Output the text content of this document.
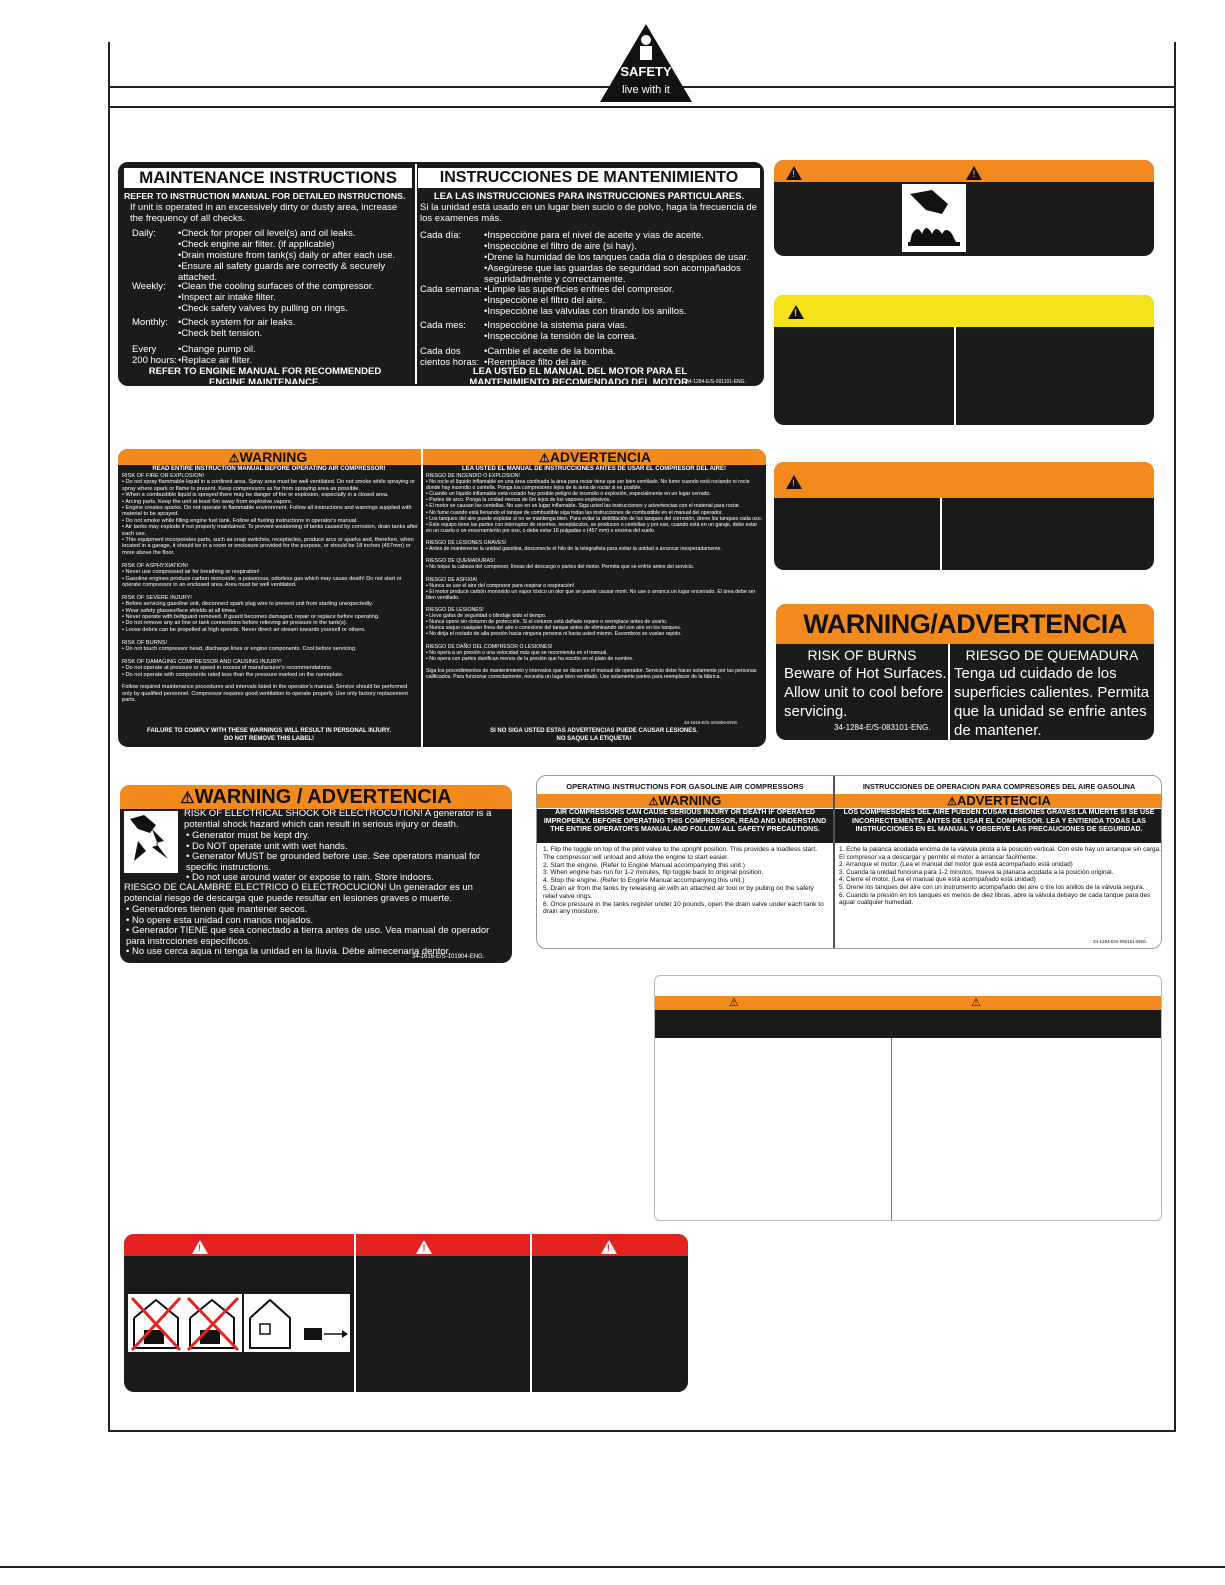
SAFETY
live with it
MAINTENANCE INSTRUCTIONS	INSTRUCCIONES DE MANTENIMIENTO
REFER TO INSTRUCTION MANUAL FOR DETAILED INSTRUCTIONS.
If unit is operated in an excessively dirty or dusty area, increase the frequency of all checks.
Daily:	•Check for proper oil level(s) and oil leaks.
•Check engine air filter. (if applicable)
•Drain moisture from tank(s) daily or after each use.
•Ensure all safety guards are correctly & securely attached.
Weekly:	•Clean the cooling surfaces of the compressor.
•Inspect air intake filter.
•Check safety valves by pulling on rings.
Monthly:	•Check system for air leaks.
•Check belt tension.
Every
200 hours:
•Change pump oil.
•Replace air filter.
REFER TO ENGINE MANUAL FOR RECOMMENDED ENGINE MAINTENANCE.
LEA LAS INSTRUCCIONES PARA INSTRUCCIONES PARTICULARES.
Si la unidad está usado en un lugar bien sucio o de polvo, haga la frecuencia de los examenes más.
Cada día:	•Inspecciòne para el nivel de aceite y vias de aceite.
•Inspecciòne el filtro de aire (si hay).
•Drene la humidad de los tanques cada día o despùes de usar.
•Asegùrese que las guardas de seguridad son acompañados seguridadmente y correctamente.
Cada semana: •Limpie las superficies enfries del compresor.
•Inspecciòne el filtro del aire.
•Inspecciòne las vàlvulas con tirando los anillos.
Cada mes:	•Inspecciòne la sistema para vias.
•Inspecciòne la tensión de la correa.
Cada dos
cientos horas:
•Cambie el aceite de la bomba.
•Reemplace filto del aire.
LEA USTED EL MANUAL DEL MOTOR PARA EL MANTENIMIENTO RECOMENDADO DEL MOTOR.
34-1284-E/S-091101-ENG.
! !
!
!
WARNING/ADVERTENCIA
RISK OF BURNS
Beware of Hot Surfaces. Allow unit to cool before servicing.
RIESGO DE QUEMADURA
Tenga ud cuidado de los superficies calientes. Permita que la unidad se enfrie antes de mantener.
34-1284-E/S-083101-ENG.
⚠WARNING	⚠ADVERTENCIA
READ ENTIRE INSTRUCTION MANUAL BEFORE OPERATING AIR COMPRESSOR!
RISK OF FIRE OR EXPLOSION!
• Do not spray flammable liquid in a confined area. Spray area must be well ventilated. Do not smoke while spraying or spray where spark or flame is present. Keep compressors as far from spraying area as possible.
• When a combustible liquid is sprayed there may be danger of fire or explosion, especially in a closed area.
• Arcing parts. Keep the unit at least 6m away from explosive vapors.
• Engine creates sparks. Do not operate in flammable environment. Follow all instructions and warnings supplied with material to be sprayed.
• Do not smoke while filling engine fuel tank. Follow all fueling instructions in operator's manual.
• Air tanks may explode if not properly maintained. To prevent weakening of tanks caused by corrosion, drain tanks after each use.
• This equipment incorporates parts, such as snap switches, receptacles, produce arcs or sparks and, therefore, when located in a garage, it should be in a room or enclosure provided for the purpose, or should be 18 inches (457mm) or more above the floor.

RISK OF ASPHYXIATION!
• Never use compressed air for breathing or respiration!
• Gasoline engines produce carbon monoxide; a poisonous, odorless gas which may cause death! Do not start or operate compressor in an enclosed area. Area must be well ventilated.

RISK OF SEVERE INJURY!
• Before servicing gasoline unit, disconnect spark plug wire to prevent unit from starting unexpectedly.
• Wear safety glasses/face shields at all times.
• Never operate with beltguard removed. If guard becomes damaged, repair or replace before operating.
• Do not remove any air line or tank connections before relieving air pressure in the tank(s).
• Loose debris can be propelled at high speeds. Never direct air stream towards yourself or others.

RISK OF BURNS!
• Do not touch compressor head, discharge lines or engine components. Cool before servicing.

RISK OF DAMAGING COMPRESSOR AND CAUSING INJURY!
• Do not operate at pressure or speed in excess of manufacturer's recommendations.
• Do not operate with components rated less than the pressure marked on the nameplate.

Follow required maintenance procedures and intervals listed in the operator's manual. Service should be performed only by qualified personnel. Compressor requires good ventilation to operate properly. Use only factory replacement parts.
FAILURE TO COMPLY WITH THESE WARNINGS WILL RESULT IN PERSONAL INJURY.
DO NOT REMOVE THIS LABEL!
LEA USTED EL MANUAL DE INSTRUCCIONES ANTES DE USAR EL COMPRESOR DEL AIRE!
RIESGO DE INCENDIO O EXPLOSION!
• No rocíe el líquido inflamable en una área confinada la área para rociar tiene que ser bien ventilado. No fume cuando está rociando ni rocíe donde hay incendio o centella. Ponga los compresores lejos de la área de rociar si es posible.
• Cuando un líquido inflamable está rociado hay posible peligro de incendio o explosión, especialmente en un lugar cerrado.
• Partes de arco. Ponga la unidad menos de 6m lejos de los vapores explosivos.
• El motor se causan las centellas. No use en un lugar inflamable. Siga usted las instrucciones y advertencias con el material para rociar.
• No fume cuando está llenando el tanque de combustible siga todas las instrucciones de combustible en el manual del operador.
• Los tanques del aire puede explotar si no se mantenga bien. Para evitar la debilitación de los tanques del corrosión, drene los tanques cada uso.
• Este equipo tiene las partes con interruptor de resortes, receptáculos, se producen o centellas y por eso, cuando está en un garaje, debe estar en un cuarto o un encerramiento por eso, o debe estar 18 pulgadas o (457 mm) o encima del suelo.

RIESGO DE LESIONES GRAVES!
• Antes de mantenerse la unidad gasolina, desconecte el hilo de la telegrafista para evitar la unidad a arrancar inesperadamente.

RIESGO DE QUEMADURAS!
• No toque la cabeza del compresor, líneas del descargo o partes del motor. Permita que se enfríe antes del servicio.

RIESGO DE ASFIXIA!
• Nunca se use el aire del compresor para respirar o respiración!
• El motor produce carbón monoxido un vapor tóxico un olor que se puede causar morir. No use o arranca un lugar encerrado. El área debe ser bien ventilado.

RIESGO DE LESIONES!
• Lleve gafas de seguridad o blindaje todo el tiempo.
• Nunca opere sin cinturon de protección. Si el cinturon está dañado repare o reemplace antes de usarlo.
• Nunca saque cualquier línea del aire o conexione del tanque antes de eliminando del son aire en los tanques.
• No dirija el rociado de alta presión hacia ninguna persona ni hacia usted mismo. Escombros se vuelan rapido.

RIESGO DE DAÑO DEL COMPRESOR O LESIONES!
• No opera a un presión o una velocidad más que se recomienda en el manual.
• No opera con partes danifican menos de la presión que ha escrito en el plato de nombre.

Siga los procedimientos de mantenimiento y intervalos que se dicen en el manual de operador. Servicio debe hacer solamente por las personas calificados. Para funcionar correctamente, necesita un lugar bien ventilado. Use solamente partes para reemplacer de la fábrica.
34-1616-E/S-101904-ENG.
SI NO SIGA USTED ESTAS ADVERTENCIAS PUEDE CAUSAR LESIONES.
NO SAQUE LA ETIQUETA!
⚠WARNING / ADVERTENCIA
RISK OF ELECTRICAL SHOCK OR ELECTROCUTION! A generator is a potential shock hazard which can result in serious injury or death.
• Generator must be kept dry.
• Do NOT operate unit with wet hands.
• Generator MUST be grounded before use. See operators manual for specific instructions.
• Do not use around water or expose to rain. Store indoors.
RIESGO DE CALAMBRE ELECTRICO O ELECTROCUCION! Un generador es un potencial riesgo de descarga que puede resultar en lesiones graves o muerte.
• Generadores tienen que mantener secos.
• No opere esta unidad con manos mojados.
• Generador TIENE que sea conectado a tierra antes de uso. Vea manual de operador para instrcciones específicos.
• No use cerca aqua ni tenga la unidad en la lluvia. Débe almecenaria dentor.
34-1616-E/S-101904-ENG.
OPERATING INSTRUCTIONS FOR GASOLINE AIR COMPRESSORS	INSTRUCCIONES DE OPERACION PARA COMPRESORES DEL AIRE GASOLINA
⚠WARNING	⚠ADVERTENCIA
AIR COMPRESSORS CAN CAUSE SERIOUS INJURY OR DEATH IF OPERATED IMPROPERLY. BEFORE OPERATING THIS COMPRESSOR, READ AND UNDERSTAND THE ENTIRE OPERATOR'S MANUAL AND FOLLOW ALL SAFETY PRECAUTIONS.
LOS COMPRESORES DEL AIRE PUEDEN CUSAR LESIONES GRAVES LA MUERTE SI SE USE INCORRECTEMENTE. ANTES DE USAR EL COMPRESOR. LEA Y ENTIENDA TODAS LAS INSTRUCCIONES EN EL MANUAL Y OBSERVE LAS PRECAUCIONES DE SEGURIDAD.
1. Flip the toggle on top of the pilot valve to the upright position. This provides a loadless start. The compressor will unload and allow the engine to start easier.
2. Start the engine. (Refer to Engine Manual accompanying this unit.)
3. When engine has run for 1-2 minutes, flip toggle back to original position.
4. Stop the engine. (Refer to Engine Manual accompanying this unit.)
5. Drain air from the tanks by releasing air with an attached air tool or by pulling on the safety relief valve rings.
6. Once pressure in the tanks register under 10 pounds, open the drain valve under each tank to drain any moisture.
1. Eche la palanca acodada encima de la válvula pilota a la posición vertical. Con este hay un arranque sin carga. El compresor va a descargar y permitir el motor a arrancar facilmente.
2. Arranque el motor. (Lea el manual del motor que está acompañado está unidad)
3. Cuanda la unidad funciona para 1-2 minutos, mueva la planaca acodada a la posición original.
4. Cierre el motor. (Lea el manual que está acompañado está unidad)
5. Drene los tanques del aire con un instrumento acompañado del aire o tire los anillos de la válvula segura.
6. Cuando la presión en los tanques es menos de diez libras, abre la válvula debayo de cada tanque para des aguar cualquier humedad.
34-1284-E/S-092101-ENG.
⚠	⚠
! ! !
